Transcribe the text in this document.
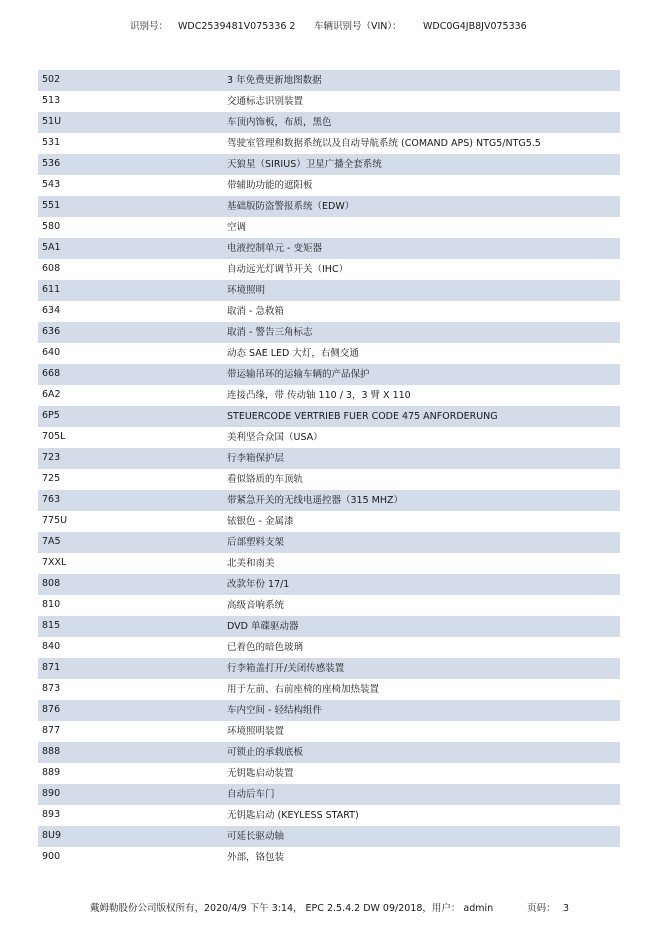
识别号： WDC2539481V075336 2 车辆识别号（VIN）： WDC0G4JB8JV075336
502	3 年免费更新地图数据
513	交通标志识别装置
51U	车顶内饰板，布质，黑色
531	驾驶室管理和数据系统以及自动导航系统 (COMAND APS) NTG5/NTG5.5
536	天狼星（SIRIUS）卫星广播全套系统
543	带辅助功能的遮阳板
551	基础版防盗警报系统（EDW）
580	空调
5A1	电液控制单元 - 变矩器
608	自动远光灯调节开关（IHC）
611	环境照明
634	取消 - 急救箱
636	取消 - 警告三角标志
640	动态 SAE LED 大灯，右侧交通
668	带运输吊环的运输车辆的产品保护
6A2	连接凸缘，带 传动轴 110 / 3，3 臂 X 110
6P5	STEUERCODE VERTRIEB FUER CODE 475 ANFORDERUNG
705L	美利坚合众国（USA）
723	行李箱保护层
725	看似铬质的车顶轨
763	带紧急开关的无线电遥控器（315 MHZ）
775U	铱银色 - 金属漆
7A5	后部塑料支架
7XXL	北美和南美
808	改款年份 17/1
810	高级音响系统
815	DVD 单碟驱动器
840	已着色的暗色玻璃
871	行李箱盖打开/关闭传感装置
873	用于左前、右前座椅的座椅加热装置
876	车内空间 - 轻结构组件
877	环境照明装置
888	可锁止的承载底板
889	无钥匙启动装置
890	自动后车门
893	无钥匙启动 (KEYLESS START)
8U9	可延长驱动轴
900	外部，铬包装
戴姆勒股份公司版权所有，2020/4/9 下午 3:14， EPC 2.5.4.2 DW 09/2018，用户： admin	页码： 3
